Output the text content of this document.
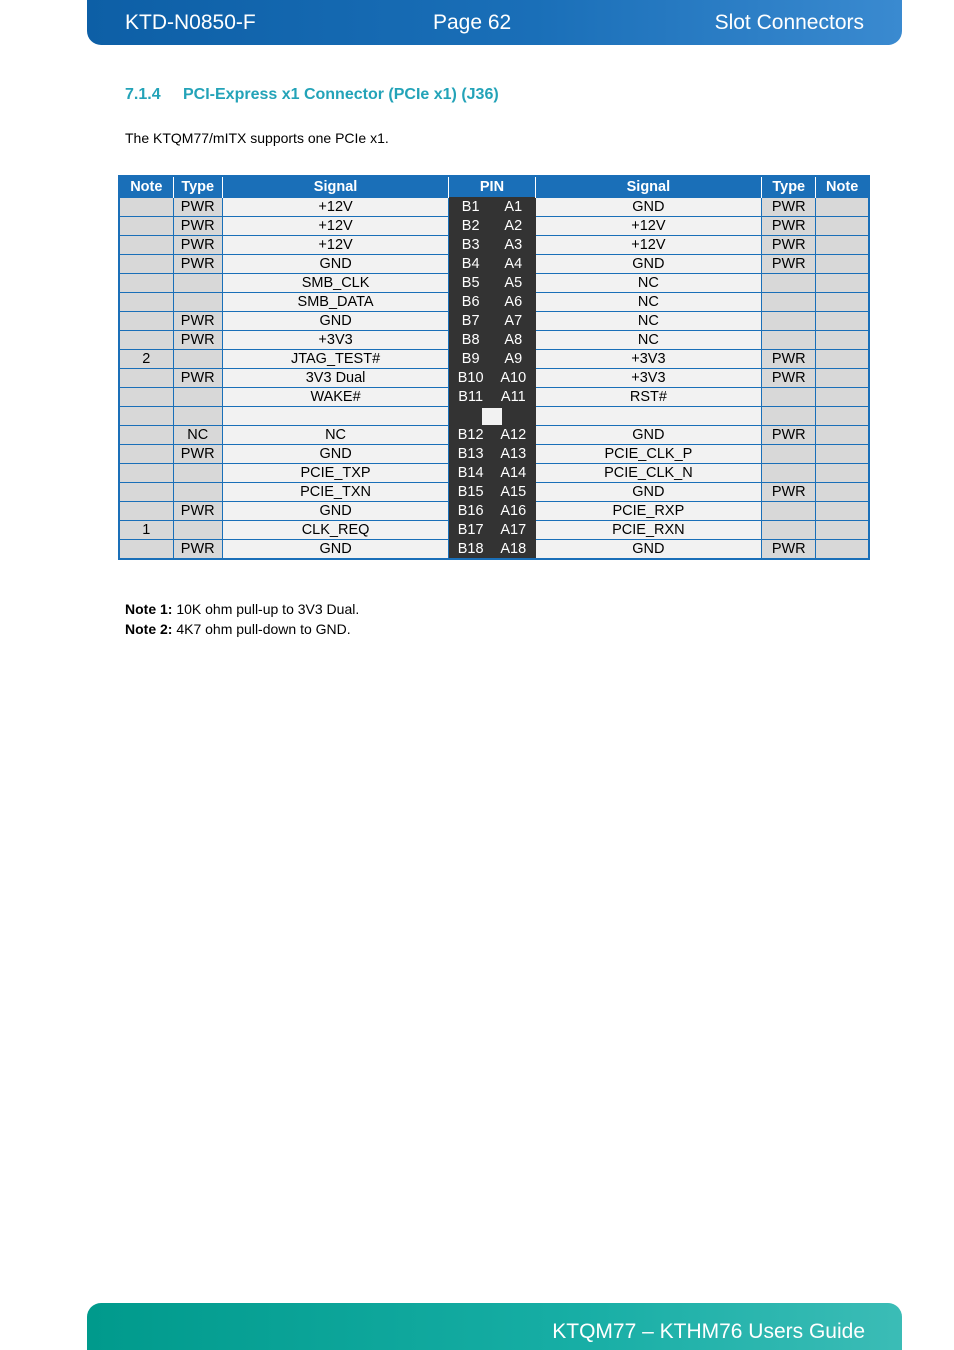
KTD-N0850-F	Page 62	Slot Connectors
7.1.4 PCI-Express x1 Connector (PCIe x1) (J36)
The KTQM77/mITX supports one PCIe x1.
Note	Type	Signal	PIN		Signal	Type	Note
	PWR	+12V	B1	A1	GND	PWR	
	PWR	+12V	B2	A2	+12V	PWR	
	PWR	+12V	B3	A3	+12V	PWR	
	PWR	GND	B4	A4	GND	PWR	
		SMB_CLK	B5	A5	NC		
		SMB_DATA	B6	A6	NC		
	PWR	GND	B7	A7	NC		
	PWR	+3V3	B8	A8	NC		
2		JTAG_TEST#	B9	A9	+3V3	PWR	
	PWR	3V3 Dual	B10	A10	+3V3	PWR	
		WAKE#	B11	A11	RST#		

	NC	NC	B12	A12	GND	PWR	
	PWR	GND	B13	A13	PCIE_CLK_P		
		PCIE_TXP	B14	A14	PCIE_CLK_N		
		PCIE_TXN	B15	A15	GND	PWR	
	PWR	GND	B16	A16	PCIE_RXP		
1		CLK_REQ	B17	A17	PCIE_RXN		
	PWR	GND	B18	A18	GND	PWR	
Note 1: 10K ohm pull-up to 3V3 Dual.
Note 2: 4K7 ohm pull-down to GND.
KTQM77 – KTHM76 Users Guide
